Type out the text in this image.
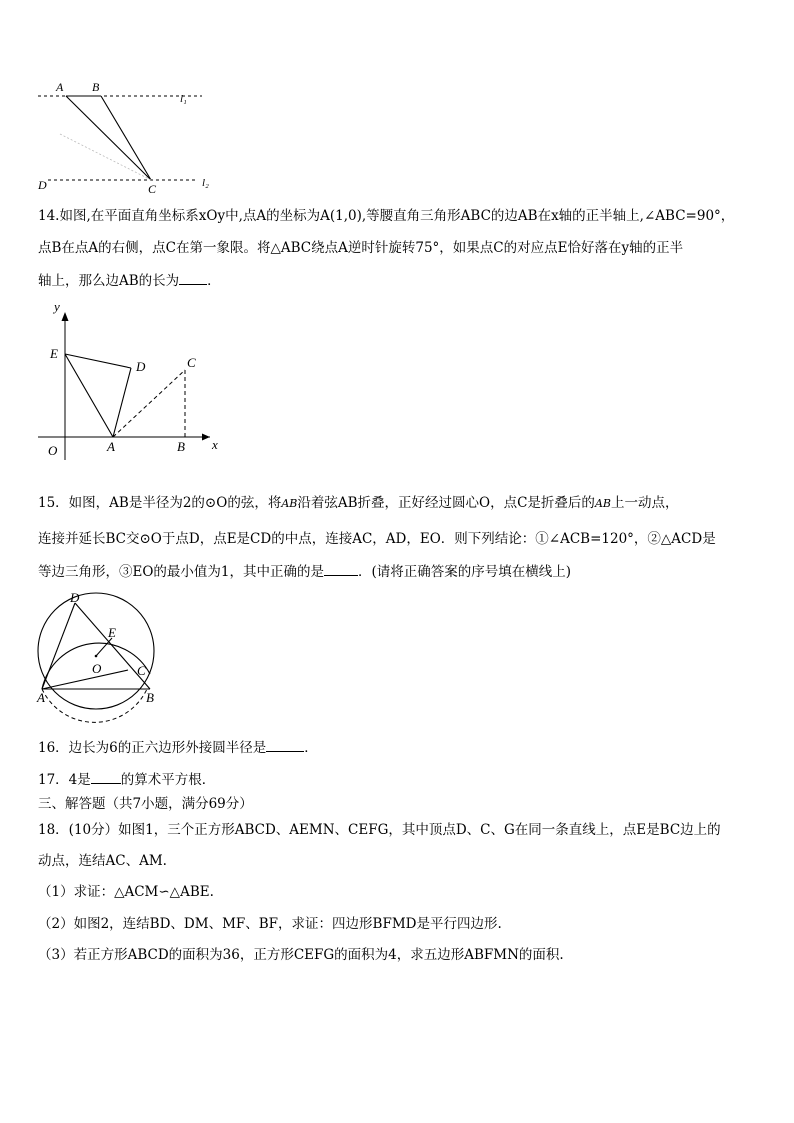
A B
D	C
l₁
l₂
14.如图,在平面直角坐标系xOy中,点A的坐标为A(1,0),等腰直角三角形ABC的边AB在x轴的正半轴上,∠ABC=90°，
点B在点A的右侧，点C在第一象限。将△ABC绕点A逆时针旋转75°，如果点C的对应点E恰好落在y轴的正半
轴上，那么边AB的长为 ．
y
x
O
E
D	C
A	B
15．如图，AB是半径为2的⊙O的弦，将AB沿着弦AB折叠，正好经过圆心O，点C是折叠后的AB上一动点，
连接并延长BC交⊙O于点D，点E是CD的中点，连接AC，AD，EO．则下列结论：①∠ACB=120°，②△ACD是
等边三角形，③EO的最小值为1，其中正确的是	．(请将正确答案的序号填在横线上)
D
E
O	C
A	B
16．边长为6的正六边形外接圆半径是	．
17．4是 的算术平方根．
三、解答题（共7小题，满分69分）
18．(10分）如图1，三个正方形ABCD、AEMN、CEFG，其中顶点D、C、G在同一条直线上，点E是BC边上的
动点，连结AC、AM.
（1）求证：△ACM∽△ABE.
（2）如图2，连结BD、DM、MF、BF，求证：四边形BFMD是平行四边形.
（3）若正方形ABCD的面积为36，正方形CEFG的面积为4，求五边形ABFMN的面积.
